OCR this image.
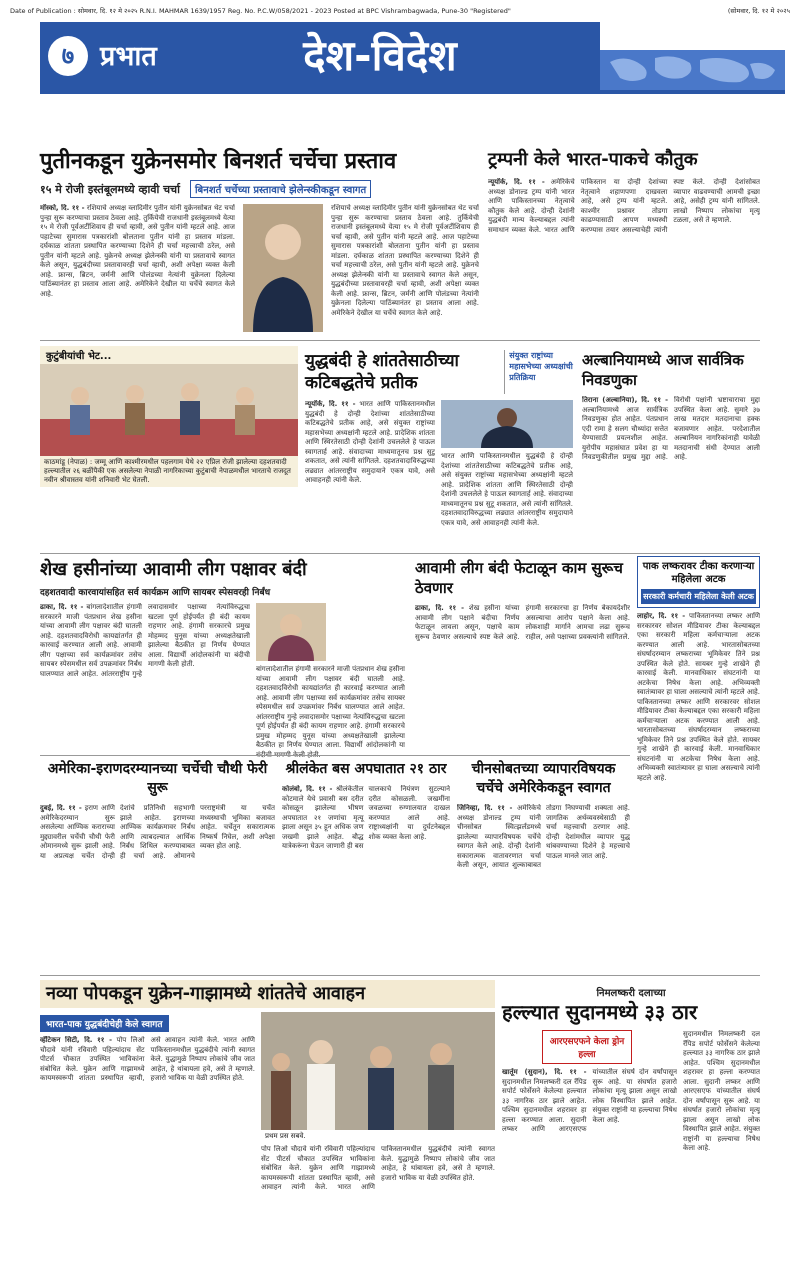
Date of Publication : सोमवार, दि. १२ मे २०२५ R.N.I. MAHMAR 1639/1957 Reg. No. P.C.W/058/2021 - 2023 Posted at BPC Vishrambagwada, Pune-30 "Registered"	(सोमवार, दि. १२ मे २०२५
७ प्रभात	देश-विदेश
पुतीनकडून युक्रेनसमोर बिनशर्त चर्चेचा प्रस्ताव
१५ मे रोजी इस्तंबूलमध्ये व्हावी चर्चा	बिनशर्त चर्चेच्या प्रस्तावाचे झेलेन्स्कीकडून स्वागत
मॉस्को, दि. ११ - रशियाचे अध्यक्ष व्लादिमीर पुतीन यांनी युक्रेनसोबत थेट चर्चा पुन्हा सुरू करण्याचा प्रस्ताव ठेवला आहे. तुर्कियेची राजधानी इस्तंबूलमध्ये येत्या १५ मे रोजी पूर्वअटींशिवाय ही चर्चा व्हावी, असे पुतीन यांनी म्हटले आहे. आज पहाटेच्या सुमारास पत्रकारांशी बोलताना पुतीन यांनी हा प्रस्ताव मांडला. दर्घकाळ शांतता प्रस्थापित करण्याच्या दिशेने ही चर्चा महत्त्वाची ठरेल, असे पुतीन यांनी म्हटले आहे. युक्रेनचे अध्यक्ष झेलेन्स्की यांनी या प्रस्तावाचे स्वागत केले असून, युद्धबंदीच्या प्रस्तावावरही चर्चा व्हावी, अशी अपेक्षा व्यक्त केली आहे. फ्रान्स, ब्रिटन, जर्मनी आणि पोलंडच्या नेत्यांनी युक्रेनला दिलेल्या पाठिंब्यानंतर हा प्रस्ताव आला आहे. अमेरिकेने देखील या चर्चेचे स्वागत केले आहे.
रशियाचे अध्यक्ष व्लादिमीर पुतीन यांनी युक्रेनसोबत थेट चर्चा पुन्हा सुरू करण्याचा प्रस्ताव ठेवला आहे. तुर्कियेची राजधानी इस्तंबूलमध्ये येत्या १५ मे रोजी पूर्वअटींशिवाय ही चर्चा व्हावी, असे पुतीन यांनी म्हटले आहे. आज पहाटेच्या सुमारास पत्रकारांशी बोलताना पुतीन यांनी हा प्रस्ताव मांडला. दर्घकाळ शांतता प्रस्थापित करण्याच्या दिशेने ही चर्चा महत्त्वाची ठरेल, असे पुतीन यांनी म्हटले आहे. युक्रेनचे अध्यक्ष झेलेन्स्की यांनी या प्रस्तावाचे स्वागत केले असून, युद्धबंदीच्या प्रस्तावावरही चर्चा व्हावी, अशी अपेक्षा व्यक्त केली आहे. फ्रान्स, ब्रिटन, जर्मनी आणि पोलंडच्या नेत्यांनी युक्रेनला दिलेल्या पाठिंब्यानंतर हा प्रस्ताव आला आहे. अमेरिकेने देखील या चर्चेचे स्वागत केले आहे.
ट्रम्पनी केले भारत-पाकचे कौतुक
न्यूयॉर्क, दि. ११ - अमेरिकेचे अध्यक्ष डोनाल्ड ट्रम्प यांनी भारत आणि पाकिस्तानच्या नेतृत्वाचे कौतुक केले आहे. दोन्ही देशांनी युद्धबंदी मान्य केल्याबद्दल त्यांनी समाधान व्यक्त केले. भारत आणि पाकिस्तान या दोन्ही देशांच्या नेतृत्वाने शहाणपणा दाखवला आहे, असे ट्रम्प यांनी म्हटले. काश्मीर प्रश्नावर तोडगा काढण्यासाठी आपण मध्यस्थी करण्यास तयार असल्याचेही त्यांनी स्पष्ट केले. दोन्ही देशांसोबत व्यापार वाढवण्याची आमची इच्छा आहे, असेही ट्रम्प यांनी सांगितले. लाखो निष्पाप लोकांचा मृत्यू टळला, असे ते म्हणाले.
कुटुंबीयांची भेट...
काठमांडू (नेपाळ) : जम्मू आणि काश्मीरमधील पहलगाम येथे २२ एप्रिल रोजी झालेल्या दहशतवादी हल्ल्यातील २६ बळींपैकी एक असलेल्या नेपाळी नागरिकाच्या कुटुंबाची नेपाळमधील भारताचे राजदूत नवीन श्रीवास्तव यांनी शनिवारी भेट घेतली.
युद्धबंदी हे शांततेसाठीच्या कटिबद्धतेचे प्रतीक
संयुक्त राष्ट्रांच्या महासभेच्या अध्यक्षांची प्रतिक्रिया
न्यूयॉर्क, दि. ११ - भारत आणि पाकिस्तानमधील युद्धबंदी हे दोन्ही देशांच्या शांततेसाठीच्या कटिबद्धतेचे प्रतीक आहे, असे संयुक्त राष्ट्रांच्या महासभेच्या अध्यक्षांनी म्हटले आहे. प्रादेशिक शांतता आणि स्थिरतेसाठी दोन्ही देशांनी उचललेले हे पाऊल स्वागतार्ह आहे. संवादाच्या माध्यमातूनच प्रश्न सुटू शकतात, असे त्यांनी सांगितले. दहशतवादाविरुद्धच्या लढ्यात आंतरराष्ट्रीय समुदायाने एकत्र यावे, असे आवाहनही त्यांनी केले.
भारत आणि पाकिस्तानमधील युद्धबंदी हे दोन्ही देशांच्या शांततेसाठीच्या कटिबद्धतेचे प्रतीक आहे, असे संयुक्त राष्ट्रांच्या महासभेच्या अध्यक्षांनी म्हटले आहे. प्रादेशिक शांतता आणि स्थिरतेसाठी दोन्ही देशांनी उचललेले हे पाऊल स्वागतार्ह आहे. संवादाच्या माध्यमातूनच प्रश्न सुटू शकतात, असे त्यांनी सांगितले. दहशतवादाविरुद्धच्या लढ्यात आंतरराष्ट्रीय समुदायाने एकत्र यावे, असे आवाहनही त्यांनी केले.
अल्बानियामध्ये आज सार्वत्रिक निवडणुका
तिराना (अल्बानिया), दि. ११ - अल्बानियामध्ये आज सार्वत्रिक निवडणुका होत आहेत. पंतप्रधान एदी रामा हे सलग चौथ्यांदा सत्तेत येण्यासाठी प्रयत्नशील आहेत. युरोपीय महासंघात प्रवेश हा या निवडणुकीतील प्रमुख मुद्दा आहे. विरोधी पक्षांनी भ्रष्टाचाराचा मुद्दा उपस्थित केला आहे. सुमारे ३७ लाख मतदार मतदानाचा हक्क बजावणार आहेत. परदेशातील अल्बानियन नागरिकांनाही यावेळी मतदानाची संधी देण्यात आली आहे.
शेख हसीनांच्या आवामी लीग पक्षावर बंदी
दहशतवादी कारवायांसहित सर्व कार्यक्रम आणि सायबर स्पेसवरही निर्बंध
ढाका, दि. ११ - बांगलादेशातील हंगामी सरकारने माजी पंतप्रधान शेख हसीना यांच्या आवामी लीग पक्षावर बंदी घातली आहे. दहशतवादविरोधी कायद्यांतर्गत ही कारवाई करण्यात आली आहे. आवामी लीग पक्षाच्या सर्व कार्यक्रमांवर तसेच सायबर स्पेसमधील सर्व उपक्रमांवर निर्बंध घालण्यात आले आहेत. आंतरराष्ट्रीय गुन्हे लवादासमोर पक्षाच्या नेत्यांविरुद्धचा खटला पूर्ण होईपर्यंत ही बंदी कायम राहणार आहे. हंगामी सरकारचे प्रमुख मोहम्मद युनूस यांच्या अध्यक्षतेखाली झालेल्या बैठकीत हा निर्णय घेण्यात आला. विद्यार्थी आंदोलकांनी या बंदीची मागणी केली होती.
बांगलादेशातील हंगामी सरकारने माजी पंतप्रधान शेख हसीना यांच्या आवामी लीग पक्षावर बंदी घातली आहे. दहशतवादविरोधी कायद्यांतर्गत ही कारवाई करण्यात आली आहे. आवामी लीग पक्षाच्या सर्व कार्यक्रमांवर तसेच सायबर स्पेसमधील सर्व उपक्रमांवर निर्बंध घालण्यात आले आहेत. आंतरराष्ट्रीय गुन्हे लवादासमोर पक्षाच्या नेत्यांविरुद्धचा खटला पूर्ण होईपर्यंत ही बंदी कायम राहणार आहे. हंगामी सरकारचे प्रमुख मोहम्मद युनूस यांच्या अध्यक्षतेखाली झालेल्या बैठकीत हा निर्णय घेण्यात आला. विद्यार्थी आंदोलकांनी या
आवामी लीग बंदी फेटाळून काम सुरूच ठेवणार
ढाका, दि. ११ - शेख हसीना यांच्या आवामी लीग पक्षाने बंदीचा निर्णय फेटाळून लावला असून, पक्षाचे काम सुरूच ठेवणार असल्याचे स्पष्ट केले आहे. हंगामी सरकारचा हा निर्णय बेकायदेशीर असल्याचा आरोप पक्षाने केला आहे. लोकशाही मार्गाने आमचा लढा सुरूच राहील, असे पक्षाच्या प्रवक्त्यांनी सांगितले.
पाक लष्करावर टीका करणाऱ्या महिलेला अटक
सरकारी कर्मचारी महिलेला केली अटक
लाहोर, दि. ११ - पाकिस्तानच्या लष्कर आणि सरकारवर सोशल मीडियावर टीका केल्याबद्दल एका सरकारी महिला कर्मचाऱ्याला अटक करण्यात आली आहे. भारतासोबतच्या संघर्षादरम्यान लष्कराच्या भूमिकेवर तिने प्रश्न उपस्थित केले होते. सायबर गुन्हे शाखेने ही कारवाई केली. मानवाधिकार संघटनांनी या अटकेचा निषेध केला आहे. अभिव्यक्ती स्वातंत्र्यावर हा घाला असल्याचे त्यांनी म्हटले आहे. पाकिस्तानच्या लष्कर आणि सरकारवर सोशल मीडियावर टीका केल्याबद्दल एका सरकारी महिला कर्मचाऱ्याला अटक करण्यात आली आहे. भारतासोबतच्या संघर्षादरम्यान लष्कराच्या भूमिकेवर तिने प्रश्न उपस्थित केले होते. सायबर गुन्हे शाखेने ही कारवाई केली. मानवाधिकार संघटनांनी या अटकेचा निषेध केला आहे. अभिव्यक्ती स्वातंत्र्यावर हा घाला असल्याचे त्यांनी म्हटले आहे.
अमेरिका-इराणदरम्यानच्या चर्चेची चौथी फेरी सुरू
दुबई, दि. ११ - इराण आणि अमेरिकेदरम्यान सुरू असलेल्या आण्विक कराराच्या मुद्द्यावरील चर्चेची चौथी फेरी ओमानमध्ये सुरू झाली आहे. या अप्रत्यक्ष चर्चेत दोन्ही देशांचे प्रतिनिधी सहभागी झाले आहेत. इराणच्या आण्विक कार्यक्रमावर निर्बंध आणि त्याबदल्यात आर्थिक निर्बंध शिथिल करण्याबाबत ही चर्चा आहे. ओमानचे परराष्ट्रमंत्री या चर्चेत मध्यस्थाची भूमिका बजावत आहेत. चर्चेतून सकारात्मक निष्कर्ष निघेल, अशी अपेक्षा व्यक्त होत आहे.
श्रीलंकेत बस अपघातात २१ ठार
कोलंबो, दि. ११ - श्रीलंकेतील कोटमाले येथे प्रवासी बस दरीत कोसळून झालेल्या भीषण अपघातात २१ जणांचा मृत्यू झाला असून ३५ हून अधिक जण जखमी झाले आहेत. बौद्ध यात्रेकरूंना घेऊन जाणारी ही बस चालकाचे नियंत्रण सुटल्याने दरीत कोसळली. जखमींना जवळच्या रुग्णालयात दाखल करण्यात आले आहे. राष्ट्राध्यक्षांनी या दुर्घटनेबद्दल शोक व्यक्त केला आहे.
चीनसोबतच्या व्यापारविषयक चर्चेचे अमेरिकेकडून स्वागत
जिनिव्हा, दि. ११ - अमेरिकेचे अध्यक्ष डोनाल्ड ट्रम्प यांनी चीनसोबत स्वित्झर्लंडमध्ये झालेल्या व्यापारविषयक चर्चेचे स्वागत केले आहे. दोन्ही देशांनी सकारात्मक वातावरणात चर्चा केली असून, आयात शुल्काबाबत तोडगा निघण्याची शक्यता आहे. जागतिक अर्थव्यवस्थेसाठी ही चर्चा महत्त्वाची ठरणार आहे. दोन्ही देशांमधील व्यापार युद्ध थांबवण्याच्या दिशेने हे महत्त्वाचे पाऊल मानले जात आहे.
नव्या पोपकडून युक्रेन-गाझामध्ये शांततेचे आवाहन
भारत-पाक युद्धबंदीचेही केले स्वागत
व्हॅटिकन सिटी, दि. ११ - पोप लिओ चौदावे यांनी रविवारी पहिल्यांदाच सेंट पीटर्स चौकात उपस्थित भाविकांना संबोधित केले. युक्रेन आणि गाझामध्ये कायमस्वरूपी शांतता प्रस्थापित व्हावी, असे आवाहन त्यांनी केले. भारत आणि पाकिस्तानमधील युद्धबंदीचे त्यांनी स्वागत केले. युद्धामुळे निष्पाप लोकांचे जीव जात आहेत, हे थांबायला हवे, असे ते म्हणाले. हजारो भाविक या वेळी उपस्थित होते.
प्रथम प्रस सबवे.
पोप लिओ चौदावे यांनी रविवारी पहिल्यांदाच सेंट पीटर्स चौकात उपस्थित भाविकांना संबोधित केले. युक्रेन आणि गाझामध्ये कायमस्वरूपी शांतता प्रस्थापित व्हावी, असे आवाहन त्यांनी केले. भारत आणि पाकिस्तानमधील युद्धबंदीचे त्यांनी स्वागत केले. युद्धामुळे निष्पाप लोकांचे जीव जात आहेत, हे थांबायला हवे, असे ते म्हणाले. हजारो भाविक या वेळी उपस्थित होते.
निमलष्करी दलाच्या
हल्ल्यात सुदानमध्ये ३३ ठार
आरएसएफने केला ड्रोन हल्ला
खार्तूम (सुदान), दि. ११ - सुदानमधील निमलष्करी दल रॅपिड सपोर्ट फोर्सेसने केलेल्या हल्ल्यात ३३ नागरिक ठार झाले आहेत. पश्चिम सुदानमधील शहरावर हा हल्ला करण्यात आला. सुदानी लष्कर आणि आरएसएफ यांच्यातील संघर्ष दोन वर्षांपासून सुरू आहे. या संघर्षात हजारो लोकांचा मृत्यू झाला असून लाखो लोक विस्थापित झाले आहेत. संयुक्त राष्ट्रांनी या हल्ल्याचा निषेध केला आहे.
सुदानमधील निमलष्करी दल रॅपिड सपोर्ट फोर्सेसने केलेल्या हल्ल्यात ३३ नागरिक ठार झाले आहेत. पश्चिम सुदानमधील शहरावर हा हल्ला करण्यात आला. सुदानी लष्कर आणि आरएसएफ यांच्यातील संघर्ष दोन वर्षांपासून सुरू आहे. या संघर्षात हजारो लोकांचा मृत्यू झाला असून लाखो लोक विस्थापित झाले आहेत. संयुक्त राष्ट्रांनी या हल्ल्याचा निषेध केला आहे.
